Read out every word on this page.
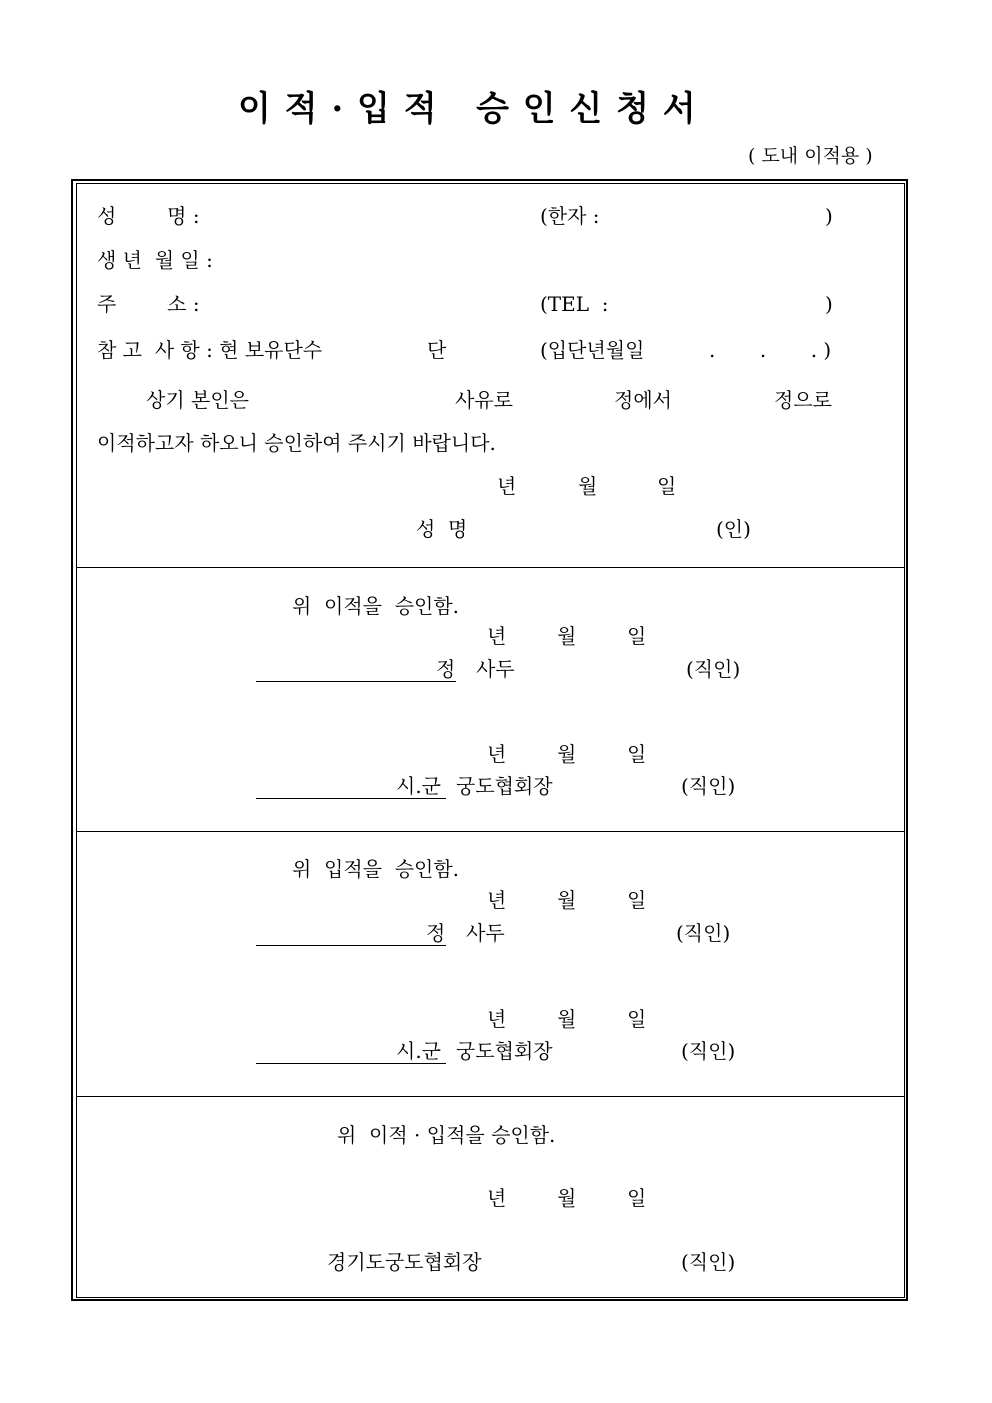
이 적 · 입 적   승 인 신 청 서
( 도내 이적용 )
성        명 :	(한자 :	)
생 년  월 일 :
주        소 :	(TEL  :	)
참 고  사 항 : 현 보유단수	단	(입단년월일	.       .       . )
상기 본인은	사유로	정에서	정으로
이적하고자 하오니 승인하여 주시기 바랍니다.
년	월	일
성  명	(인)
위  이적을  승인함.
년	월	일
정 사두	(직인)
년	월	일
시.군 궁도협회장	(직인)
위  입적을  승인함.
년	월	일
정 사두	(직인)
년	월	일
시.군 궁도협회장	(직인)
위  이적 · 입적을 승인함.
년	월	일
경기도궁도협회장	(직인)
